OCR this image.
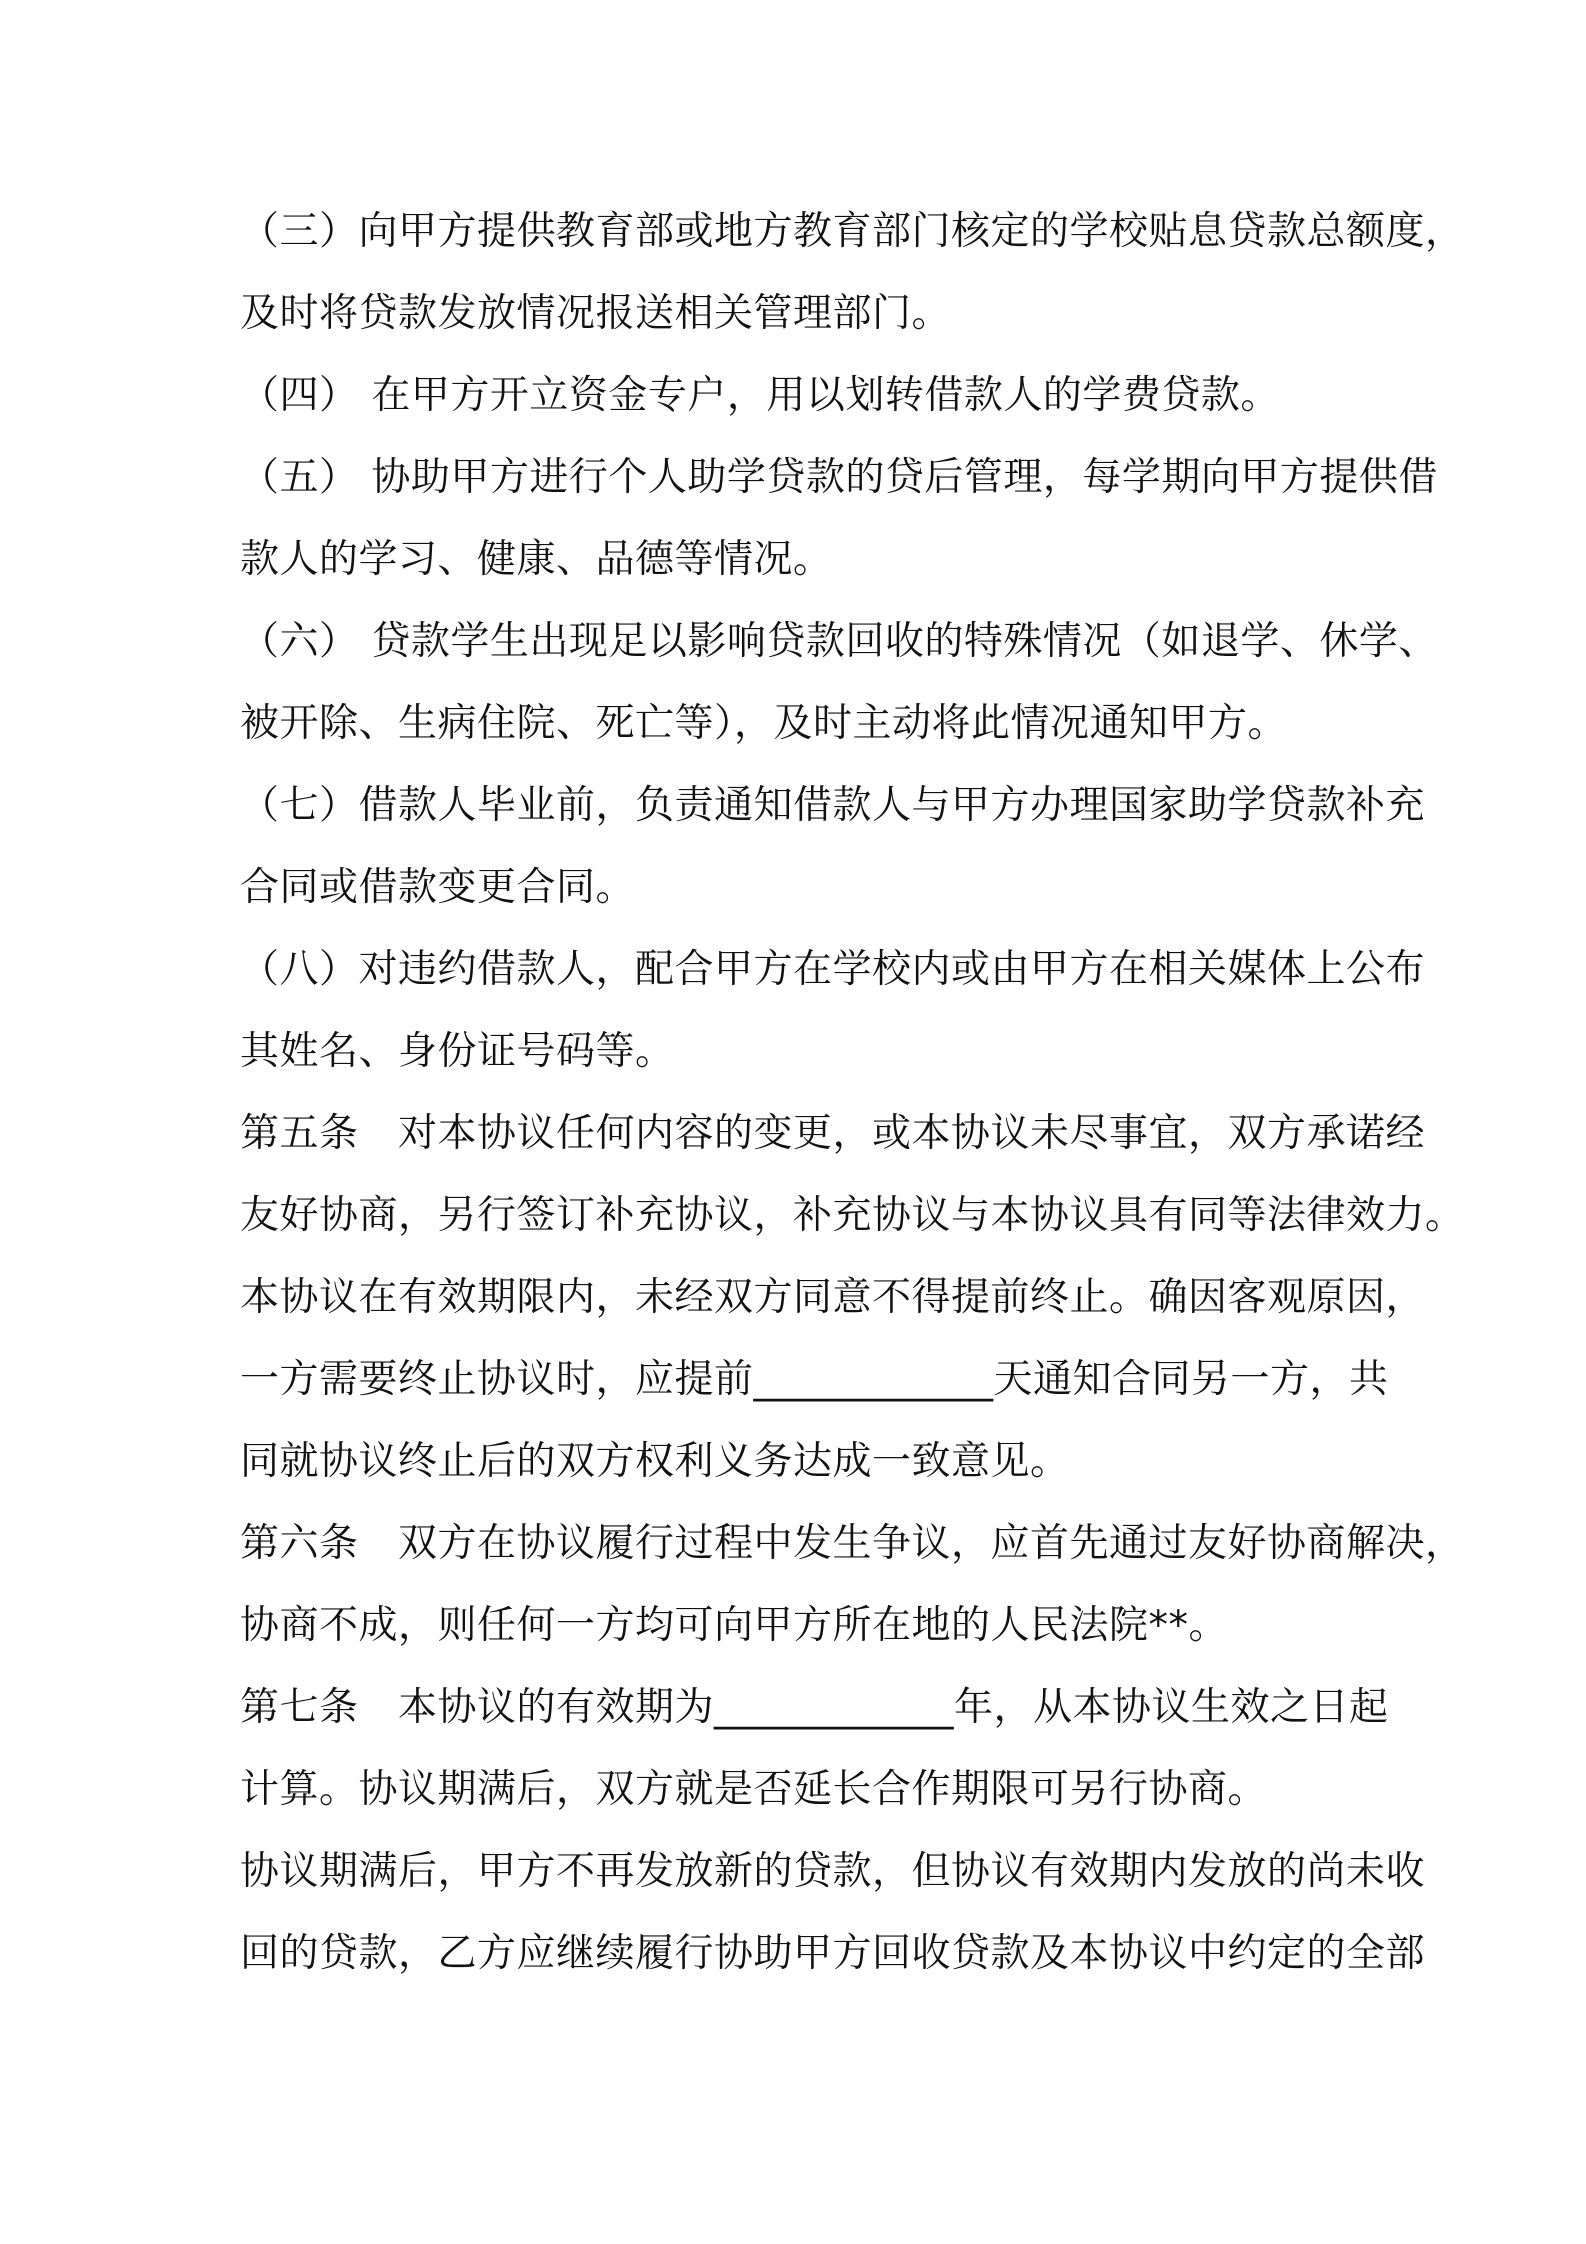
（三）向甲方提供教育部或地方教育部门核定的学校贴息贷款总额度，
及时将贷款发放情况报送相关管理部门。
（四） 在甲方开立资金专户，用以划转借款人的学费贷款。
（五） 协助甲方进行个人助学贷款的贷后管理，每学期向甲方提供借
款人的学习、健康、品德等情况。
（六） 贷款学生出现足以影响贷款回收的特殊情况（如退学、休学、
被开除、生病住院、死亡等），及时主动将此情况通知甲方。
（七）借款人毕业前，负责通知借款人与甲方办理国家助学贷款补充
合同或借款变更合同。
（八）对违约借款人，配合甲方在学校内或由甲方在相关媒体上公布
其姓名、身份证号码等。
第五条　对本协议任何内容的变更，或本协议未尽事宜，双方承诺经
友好协商，另行签订补充协议，补充协议与本协议具有同等法律效力。
本协议在有效期限内，未经双方同意不得提前终止。确因客观原因，
一方需要终止协议时，应提前____________天通知合同另一方，共
同就协议终止后的双方权利义务达成一致意见。
第六条　双方在协议履行过程中发生争议，应首先通过友好协商解决，
协商不成，则任何一方均可向甲方所在地的人民法院**。
第七条　本协议的有效期为____________年，从本协议生效之日起
计算。协议期满后，双方就是否延长合作期限可另行协商。
协议期满后，甲方不再发放新的贷款，但协议有效期内发放的尚未收
回的贷款，乙方应继续履行协助甲方回收贷款及本协议中约定的全部
